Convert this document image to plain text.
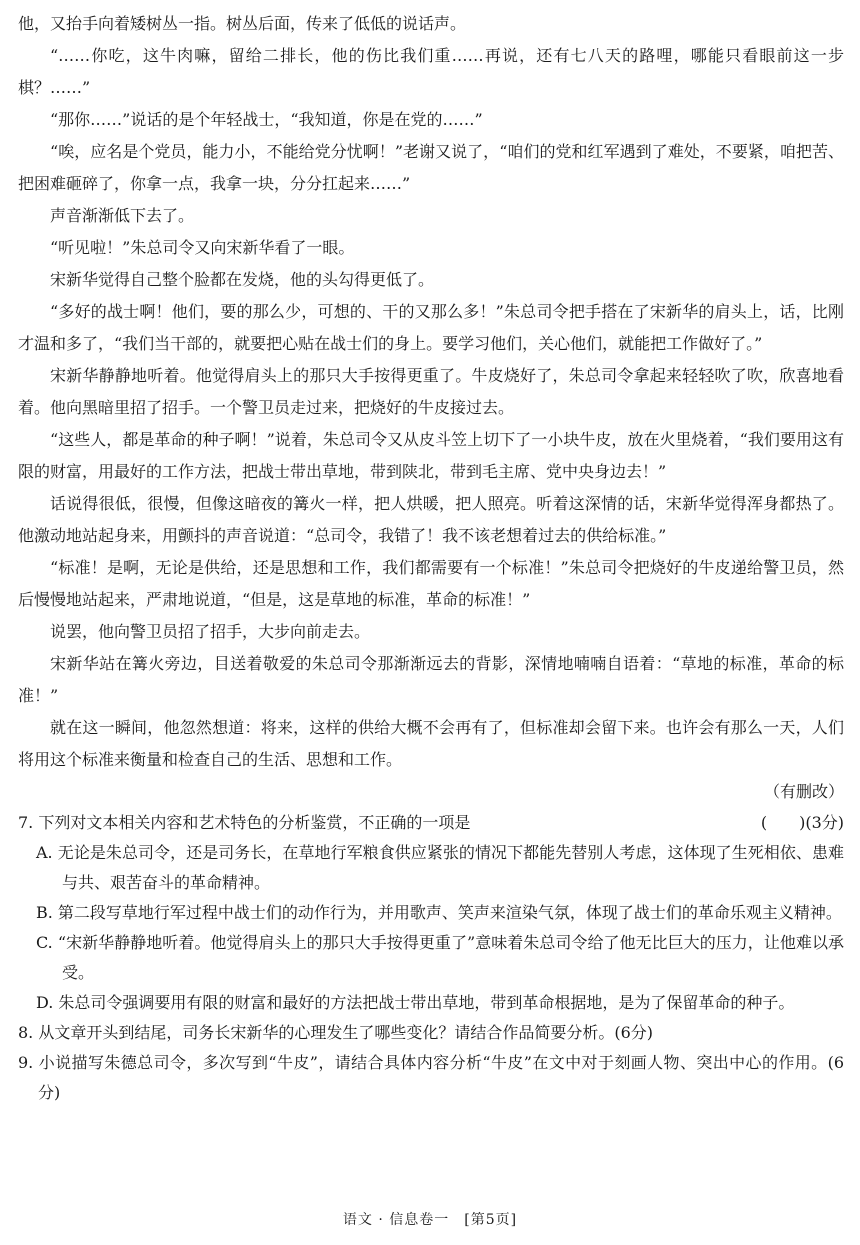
他，又抬手向着矮树丛一指。树丛后面，传来了低低的说话声。

“……你吃，这牛肉嘛，留给二排长，他的伤比我们重……再说，还有七八天的路哩，哪能只看眼前这一步棋？……”

“那你……”说话的是个年轻战士，“我知道，你是在党的……”

“唉，应名是个党员，能力小，不能给党分忧啊！”老谢又说了，“咱们的党和红军遇到了难处，不要紧，咱把苦、把困难砸碎了，你拿一点，我拿一块，分分扛起来……”

声音渐渐低下去了。

“听见啦！”朱总司令又向宋新华看了一眼。

宋新华觉得自己整个脸都在发烧，他的头勾得更低了。

“多好的战士啊！他们，要的那么少，可想的、干的又那么多！”朱总司令把手搭在了宋新华的肩头上，话，比刚才温和多了，“我们当干部的，就要把心贴在战士们的身上。要学习他们，关心他们，就能把工作做好了。”

宋新华静静地听着。他觉得肩头上的那只大手按得更重了。牛皮烧好了，朱总司令拿起来轻轻吹了吹，欣喜地看着。他向黑暗里招了招手。一个警卫员走过来，把烧好的牛皮接过去。

“这些人，都是革命的种子啊！”说着，朱总司令又从皮斗笠上切下了一小块牛皮，放在火里烧着，“我们要用这有限的财富，用最好的工作方法，把战士带出草地，带到陕北，带到毛主席、党中央身边去！”

话说得很低，很慢，但像这暗夜的篝火一样，把人烘暖，把人照亮。听着这深情的话，宋新华觉得浑身都热了。他激动地站起身来，用颤抖的声音说道：“总司令，我错了！我不该老想着过去的供给标准。”

“标准！是啊，无论是供给，还是思想和工作，我们都需要有一个标准！”朱总司令把烧好的牛皮递给警卫员，然后慢慢地站起来，严肃地说道，“但是，这是草地的标准，革命的标准！”

说罢，他向警卫员招了招手，大步向前走去。

宋新华站在篝火旁边，目送着敬爱的朱总司令那渐渐远去的背影，深情地喃喃自语着：“草地的标准，革命的标准！”

就在这一瞬间，他忽然想道：将来，这样的供给大概不会再有了，但标准却会留下来。也许会有那么一天，人们将用这个标准来衡量和检查自己的生活、思想和工作。

（有删改）

7. 下列对文本相关内容和艺术特色的分析鉴赏，不正确的一项是	(　　)(3分)

A. 无论是朱总司令，还是司务长，在草地行军粮食供应紧张的情况下都能先替别人考虑，这体现了生死相依、患难与共、艰苦奋斗的革命精神。

B. 第二段写草地行军过程中战士们的动作行为，并用歌声、笑声来渲染气氛，体现了战士们的革命乐观主义精神。

C. “宋新华静静地听着。他觉得肩头上的那只大手按得更重了”意味着朱总司令给了他无比巨大的压力，让他难以承受。

D. 朱总司令强调要用有限的财富和最好的方法把战士带出草地，带到革命根据地，是为了保留革命的种子。

8. 从文章开头到结尾，司务长宋新华的心理发生了哪些变化？请结合作品简要分析。(6分)

9. 小说描写朱德总司令，多次写到“牛皮”，请结合具体内容分析“牛皮”在文中对于刻画人物、突出中心的作用。(6分)

语文 · 信息卷一　[第5页]
